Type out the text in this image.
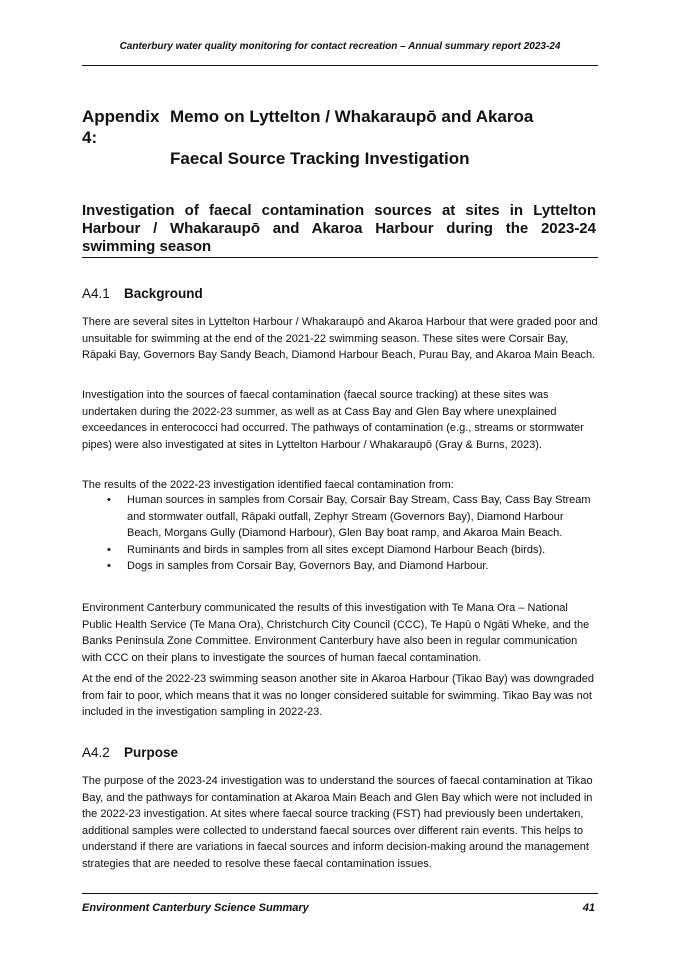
Canterbury water quality monitoring for contact recreation – Annual summary report 2023-24
Appendix 4:
Memo on Lyttelton / Whakaraupō and Akaroa
Faecal Source Tracking Investigation
Investigation of faecal contamination sources at sites in Lyttelton Harbour / Whakaraupō and Akaroa Harbour during the 2023-24 swimming season
A4.1 Background

There are several sites in Lyttelton Harbour / Whakaraupō and Akaroa Harbour that were graded poor and unsuitable for swimming at the end of the 2021-22 swimming season. These sites were Corsair Bay, Rāpaki Bay, Governors Bay Sandy Beach, Diamond Harbour Beach, Purau Bay, and Akaroa Main Beach.

Investigation into the sources of faecal contamination (faecal source tracking) at these sites was undertaken during the 2022-23 summer, as well as at Cass Bay and Glen Bay where unexplained exceedances in enterococci had occurred. The pathways of contamination (e.g., streams or stormwater pipes) were also investigated at sites in Lyttelton Harbour / Whakaraupō (Gray & Burns, 2023).

The results of the 2022-23 investigation identified faecal contamination from:

• Human sources in samples from Corsair Bay, Corsair Bay Stream, Cass Bay, Cass Bay Stream and stormwater outfall, Rāpaki outfall, Zephyr Stream (Governors Bay), Diamond Harbour Beach, Morgans Gully (Diamond Harbour), Glen Bay boat ramp, and Akaroa Main Beach.
• Ruminants and birds in samples from all sites except Diamond Harbour Beach (birds).
• Dogs in samples from Corsair Bay, Governors Bay, and Diamond Harbour.

Environment Canterbury communicated the results of this investigation with Te Mana Ora – National Public Health Service (Te Mana Ora), Christchurch City Council (CCC), Te Hapū o Ngāti Wheke, and the Banks Peninsula Zone Committee. Environment Canterbury have also been in regular communication with CCC on their plans to investigate the sources of human faecal contamination.

At the end of the 2022-23 swimming season another site in Akaroa Harbour (Tikao Bay) was downgraded from fair to poor, which means that it was no longer considered suitable for swimming. Tikao Bay was not included in the investigation sampling in 2022-23.

A4.2 Purpose

The purpose of the 2023-24 investigation was to understand the sources of faecal contamination at Tikao Bay, and the pathways for contamination at Akaroa Main Beach and Glen Bay which were not included in the 2022-23 investigation. At sites where faecal source tracking (FST) had previously been undertaken, additional samples were collected to understand faecal sources over different rain events. This helps to understand if there are variations in faecal sources and inform decision-making around the management strategies that are needed to resolve these faecal contamination issues.

Environment Canterbury Science Summary	41
